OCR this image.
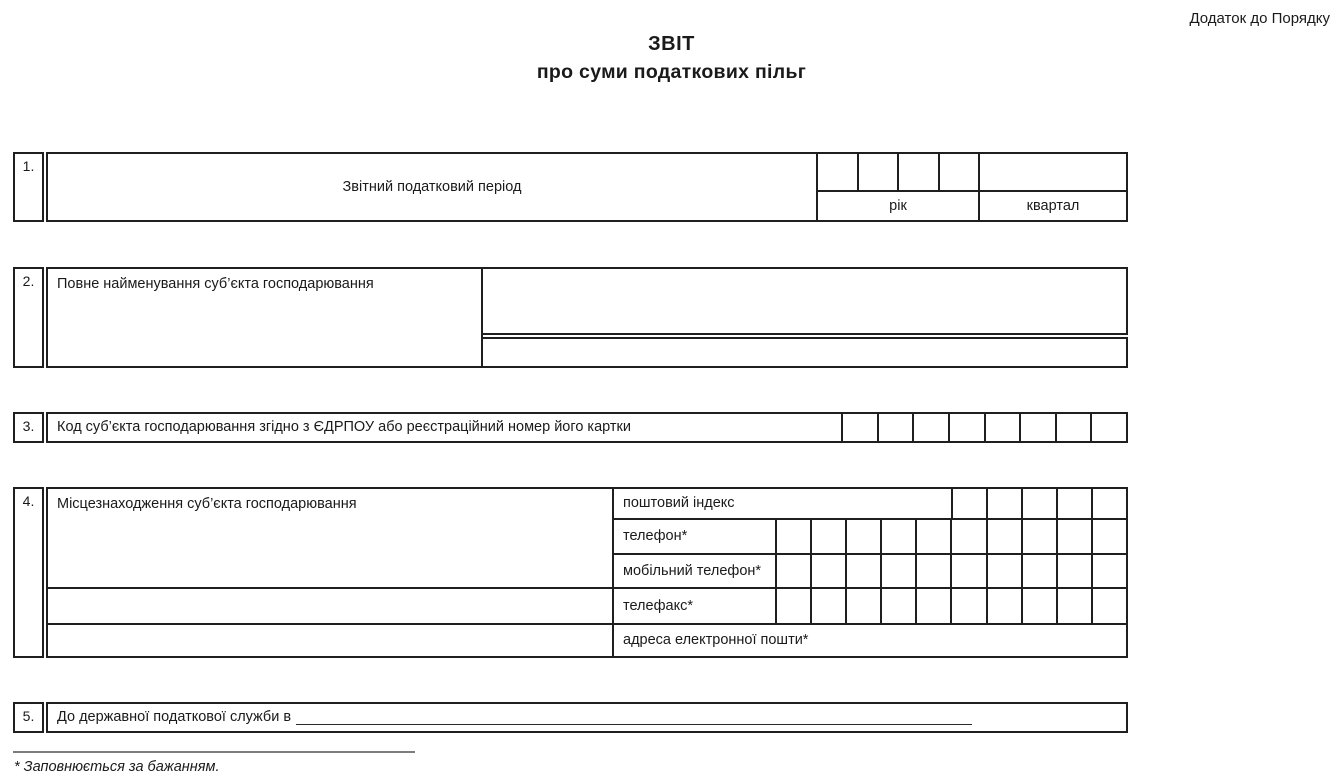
Додаток до Порядку
ЗВІТ
про суми податкових пільг
1.
Звітний податковий період
рік	квартал
2.	Повне найменування суб’єкта господарювання
3.	Код суб’єкта господарювання згідно з ЄДРПОУ або реєстраційний номер його картки
4.	Місцезнаходження суб’єкта господарювання	поштовий індекс
телефон*
мобільний телефон*
телефакс*
адреса електронної пошти*
5.	До державної податкової служби в
* Заповнюється за бажанням.
